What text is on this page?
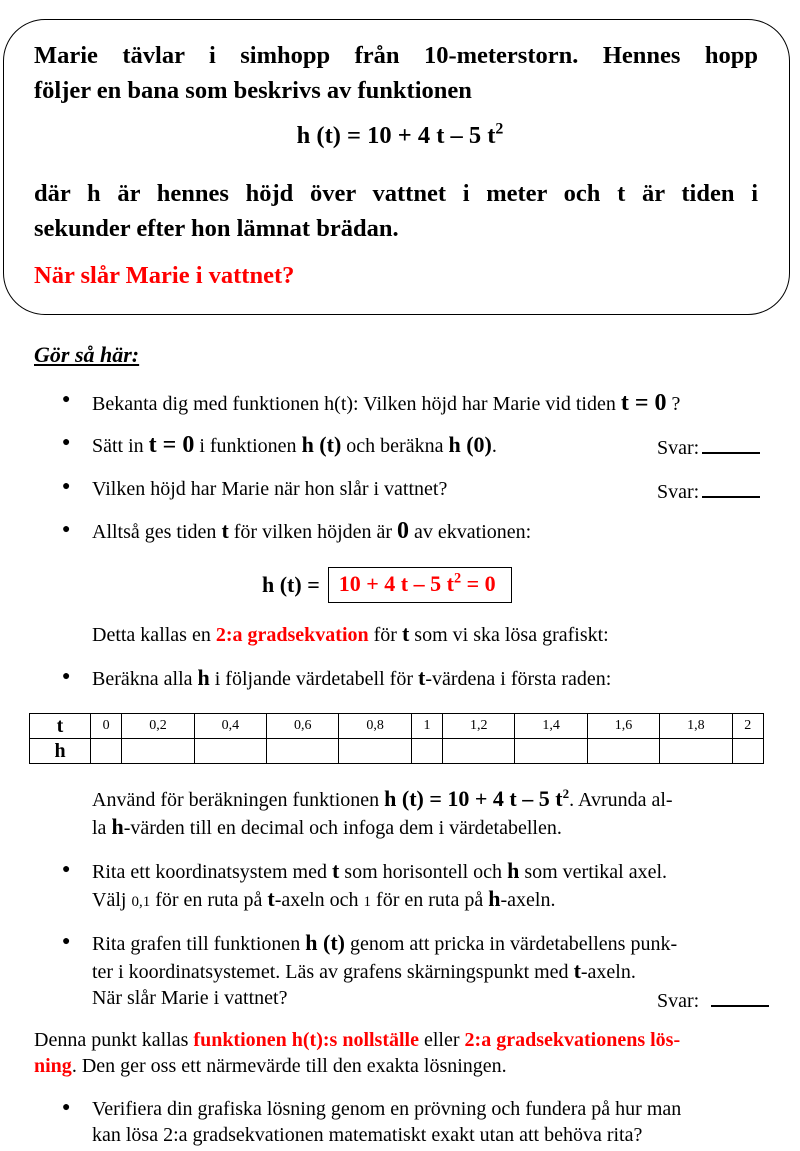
Marie tävlar i simhopp från 10-meterstorn. Hennes hopp
följer en bana som beskrivs av funktionen
h (t) = 10 + 4 t – 5 $t^2$
där h är hennes höjd över vattnet i meter och t är tiden i
sekunder efter hon lämnat brädan.
När slår Marie i vattnet?
Gör så här:
● Bekanta dig med funktionen h(t): Vilken höjd har Marie vid tiden t = 0 ?
● Sätt in t = 0 i funktionen h (t) och beräkna h (0).	Svar:
● Vilken höjd har Marie när hon slår i vattnet?	Svar:
● Alltså ges tiden t för vilken höjden är 0 av ekvationen:
h (t) = 10 + 4 t – 5 $t^2 = 0$
Detta kallas en 2:a gradsekvation för t som vi ska lösa grafiskt:
● Beräkna alla h i följande värdetabell för t-värdena i första raden:
t	0	0,2	0,4	0,6	0,8	1	1,2	1,4	1,6	1,8	2
h											
Använd för beräkningen funktionen h (t) = 10 + 4 t – 5 $t^2$. Avrunda al-
la h-värden till en decimal och infoga dem i värdetabellen.
● Rita ett koordinatsystem med t som horisontell och h som vertikal axel.
Välj 0,1 för en ruta på t-axeln och 1 för en ruta på h-axeln.
● Rita grafen till funktionen h (t) genom att pricka in värdetabellens punk-
ter i koordinatsystemet. Läs av grafens skärningspunkt med t-axeln.
När slår Marie i vattnet?	Svar:
Denna punkt kallas funktionen h(t):s nollställe eller 2:a gradsekvationens lös-
ning. Den ger oss ett närmevärde till den exakta lösningen.
● Verifiera din grafiska lösning genom en prövning och fundera på hur man
kan lösa 2:a gradsekvationen matematiskt exakt utan att behöva rita?
